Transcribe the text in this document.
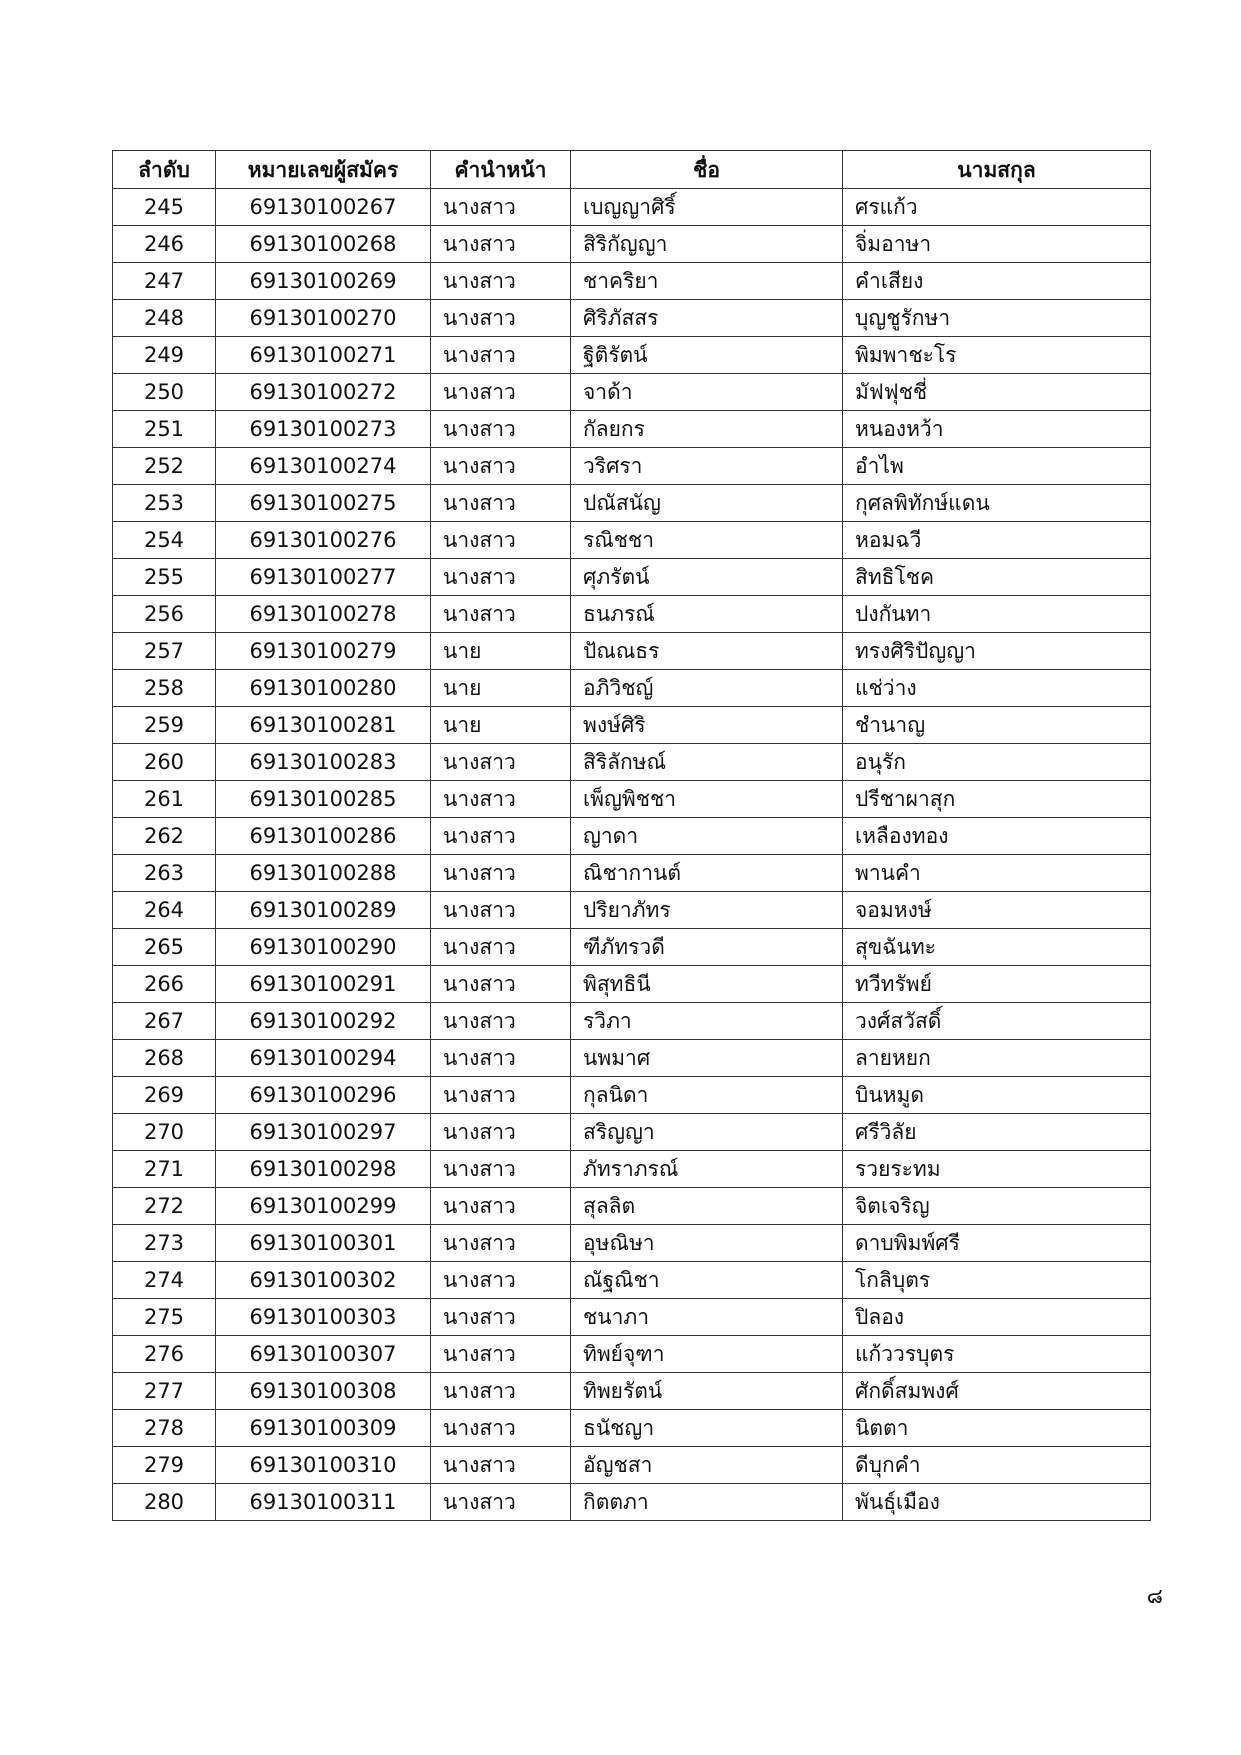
ลำดับ	หมายเลขผู้สมัคร	คำนำหน้า	ชื่อ	นามสกุล
245	69130100267	นางสาว	เบญญาศิริ์	ศรแก้ว
246	69130100268	นางสาว	สิริกัญญา	จิ่มอาษา
247	69130100269	นางสาว	ชาคริยา	คำเสียง
248	69130100270	นางสาว	ศิริภัสสร	บุญชูรักษา
249	69130100271	นางสาว	ฐิติรัตน์	พิมพาชะโร
250	69130100272	นางสาว	จาด้า	มัฟฟุชชี่
251	69130100273	นางสาว	กัลยกร	หนองหว้า
252	69130100274	นางสาว	วริศรา	อำไพ
253	69130100275	นางสาว	ปณัสนัญ	กุศลพิทักษ์แดน
254	69130100276	นางสาว	รณิชชา	หอมฉวี
255	69130100277	นางสาว	ศุภรัตน์	สิทธิโชค
256	69130100278	นางสาว	ธนภรณ์	ปงกันทา
257	69130100279	นาย	ปัณณธร	ทรงศิริปัญญา
258	69130100280	นาย	อภิวิชญ์	แช่ว่าง
259	69130100281	นาย	พงษ์ศิริ	ชำนาญ
260	69130100283	นางสาว	สิริลักษณ์	อนุรัก
261	69130100285	นางสาว	เพ็ญพิชชา	ปรีชาผาสุก
262	69130100286	นางสาว	ญาดา	เหลืองทอง
263	69130100288	นางสาว	ณิชากานต์	พานคำ
264	69130100289	นางสาว	ปริยาภัทร	จอมหงษ์
265	69130100290	นางสาว	ฑีภัทรวดี	สุขฉันทะ
266	69130100291	นางสาว	พิสุทธินี	ทวีทรัพย์
267	69130100292	นางสาว	รวิภา	วงศ์สวัสดิ์
268	69130100294	นางสาว	นพมาศ	ลายหยก
269	69130100296	นางสาว	กุลนิดา	บินหมูด
270	69130100297	นางสาว	สริญญา	ศรีวิลัย
271	69130100298	นางสาว	ภัทราภรณ์	รวยระทม
272	69130100299	นางสาว	สุลลิต	จิตเจริญ
273	69130100301	นางสาว	อุษณิษา	ดาบพิมพ์ศรี
274	69130100302	นางสาว	ณัฐณิชา	โกลิบุตร
275	69130100303	นางสาว	ชนาภา	ปิลอง
276	69130100307	นางสาว	ทิพย์จุฑา	แก้ววรบุตร
277	69130100308	นางสาว	ทิพยรัตน์	ศักดิ์สมพงศ์
278	69130100309	นางสาว	ธนัชญา	นิตตา
279	69130100310	นางสาว	อัญชสา	ดีบุกคำ
280	69130100311	นางสาว	กิตตภา	พันธุ์เมือง
๘
